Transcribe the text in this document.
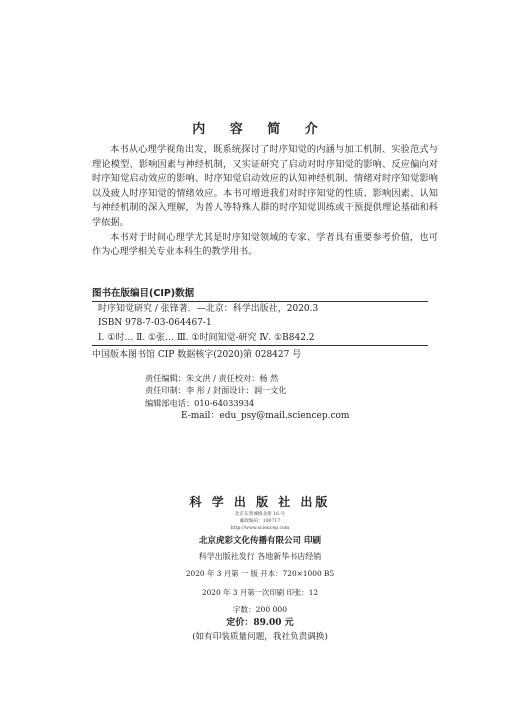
内 容 简 介

本书从心理学视角出发，既系统探讨了时序知觉的内涵与加工机制、实验范式与理论模型、影响因素与神经机制，又实证研究了启动对时序知觉的影响、反应偏向对时序知觉启动效应的影响、时序知觉启动效应的认知神经机制、情绪对时序知觉影响以及疲人时序知觉的情绪效应。本书可增进我们对时序知觉的性质、影响因素、认知与神经机制的深入理解，为普人等特殊人群的时序知觉训练或干预提供理论基础和科学依据。

本书对于时间心理学尤其是时序知觉领域的专家、学者具有重要参考价值，也可作为心理学相关专业本科生的教学用书。

图书在版编目(CIP)数据
时序知觉研究 / 张锋著．—北京：科学出版社，2020.3
ISBN 978-7-03-064467-1
Ⅰ. ①时… Ⅱ. ①张… Ⅲ. ①时间知觉-研究 Ⅳ. ①B842.2
中国版本图书馆 CIP 数据核字(2020)第 028427 号
责任编辑：朱文洪 / 责任校对：杨 然
责任印制：李 彤 / 封面设计：润一文化
编辑部电话：010-64033934
E-mail：edu_psy@mail.sciencep.com
科 学 出 版 社 出版
北京东黄城根北街 16 号
邮政编码：100717
http://www.sciencep.com
北京虎彩文化传播有限公司 印刷
科学出版社发行 各地新华书店经销
2020 年 3 月第 一 版 开本：720×1000 B5
2020 年 3 月第一次印刷 印张：12
字数：200 000
定价：89.00 元
(如有印装质量问题，我社负责调换)
